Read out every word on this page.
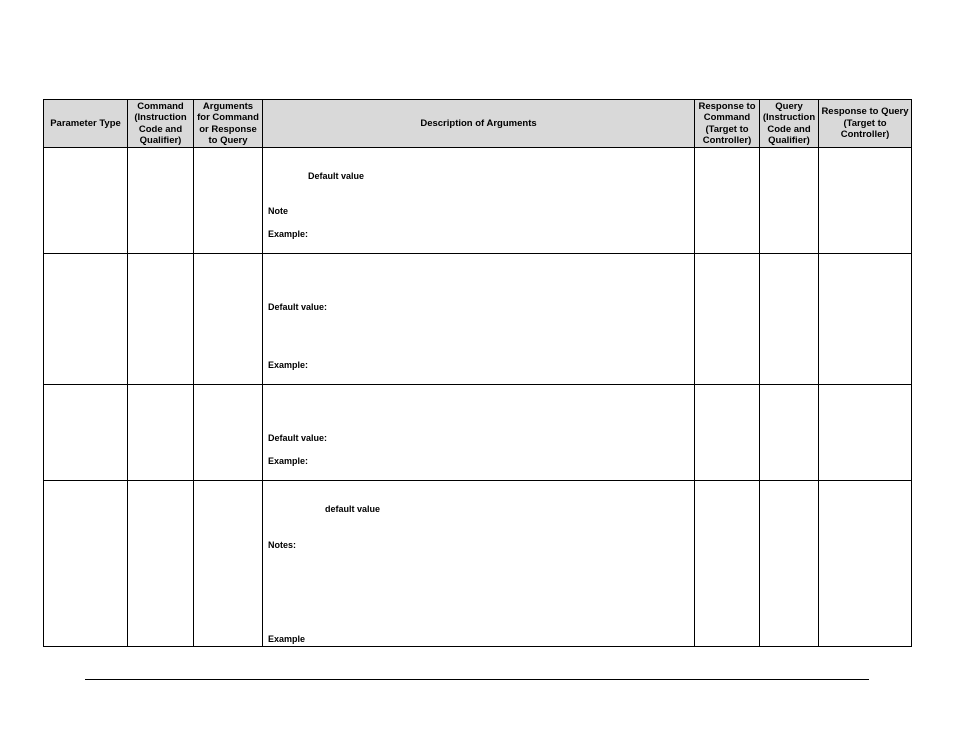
Parameter Type	Command (Instruction Code and Qualifier)	Arguments for Command or Response to Query	Description of Arguments	Response to Command (Target to Controller)	Query (Instruction Code and Qualifier)	Response to Query (Target to Controller)

			Default value
Note
Example:			

			Default value:
Example:			

			Default value:
Example:			

			default value
Notes:
Example			
